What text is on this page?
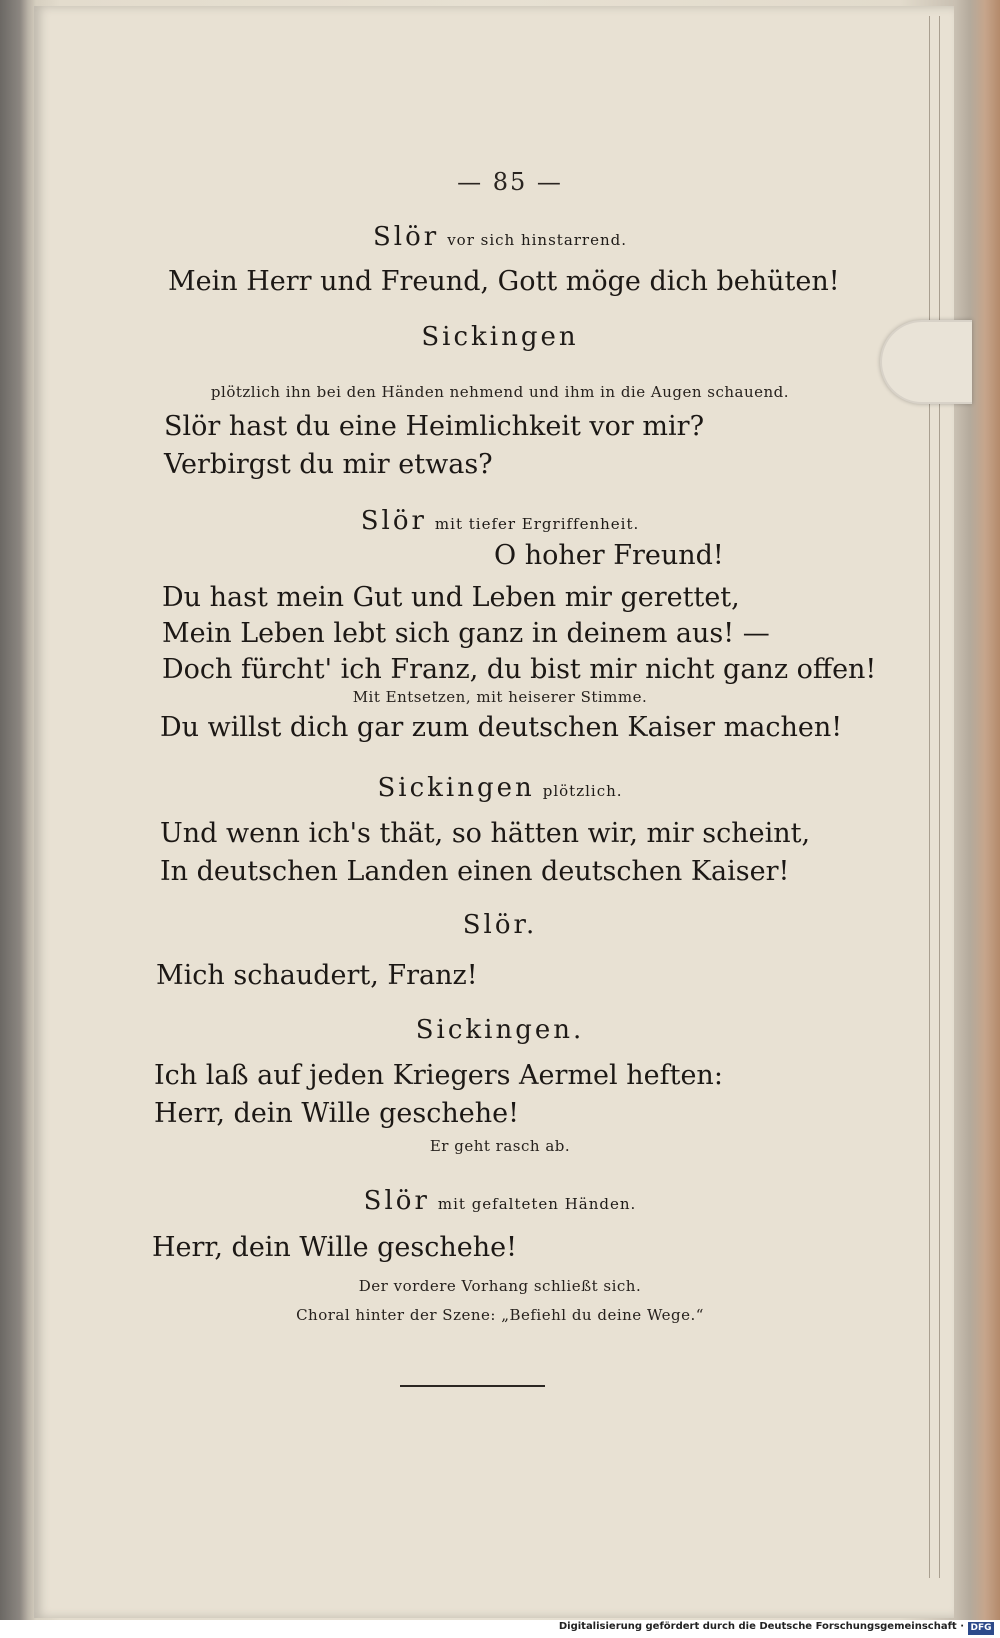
— 85 —
Slör vor sich hinstarrend.
Mein Herr und Freund, Gott möge dich behüten!
Sickingen
plötzlich ihn bei den Händen nehmend und ihm in die Augen schauend.
Slör hast du eine Heimlichkeit vor mir?
Verbirgst du mir etwas?
Slör mit tiefer Ergriffenheit.
O hoher Freund!
Du hast mein Gut und Leben mir gerettet,
Mein Leben lebt sich ganz in deinem aus! —
Doch fürcht' ich Franz, du bist mir nicht ganz offen!
Mit Entsetzen, mit heiserer Stimme.
Du willst dich gar zum deutschen Kaiser machen!
Sickingen plötzlich.
Und wenn ich's thät, so hätten wir, mir scheint,
In deutschen Landen einen deutschen Kaiser!
Slör.
Mich schaudert, Franz!
Sickingen.
Ich laß auf jeden Kriegers Aermel heften:
Herr, dein Wille geschehe!
Er geht rasch ab.
Slör mit gefalteten Händen.
Herr, dein Wille geschehe!
Der vordere Vorhang schließt sich.
Choral hinter der Szene: „Befiehl du deine Wege.“
Digitalisierung gefördert durch die Deutsche Forschungsgemeinschaft · DFG
